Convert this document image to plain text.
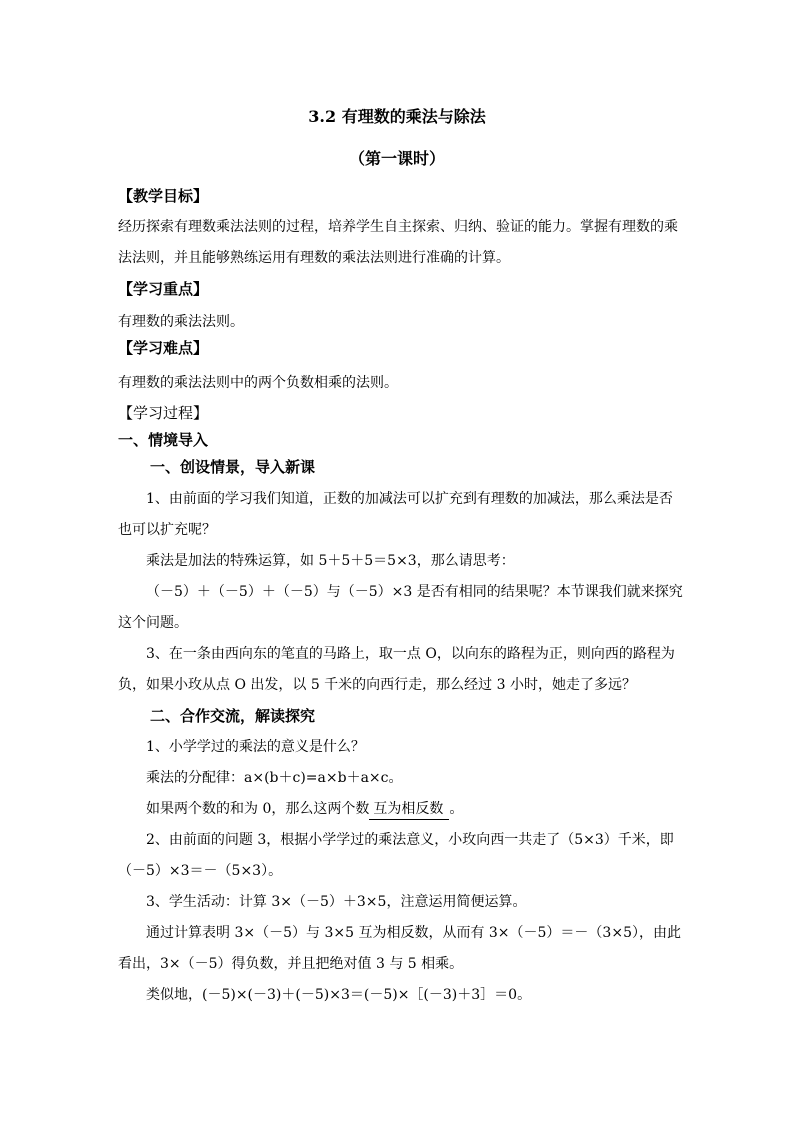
3.2 有理数的乘法与除法
（第一课时）
【教学目标】
经历探索有理数乘法法则的过程，培养学生自主探索、归纳、验证的能力。掌握有理数的乘
法法则，并且能够熟练运用有理数的乘法法则进行准确的计算。
【学习重点】
有理数的乘法法则。
【学习难点】
有理数的乘法法则中的两个负数相乘的法则。
【学习过程】
一、情境导入
一、创设情景，导入新课
1、由前面的学习我们知道，正数的加减法可以扩充到有理数的加减法，那么乘法是否
也可以扩充呢？
乘法是加法的特殊运算，如 5＋5＋5＝5×3，那么请思考：
（－5）＋（－5）＋（－5）与（－5）×3 是否有相同的结果呢？本节课我们就来探究
这个问题。
3、在一条由西向东的笔直的马路上，取一点 O，以向东的路程为正，则向西的路程为
负，如果小玫从点 O 出发，以 5 千米的向西行走，那么经过 3 小时，她走了多远？
二、合作交流，解读探究
1、小学学过的乘法的意义是什么？
乘法的分配律：a×(b＋c)=a×b＋a×c。
如果两个数的和为 0，那么这两个数 互为相反数 。
2、由前面的问题 3，根据小学学过的乘法意义，小玫向西一共走了（5×3）千米，即
（－5）×3＝－（5×3）。
3、学生活动：计算 3×（－5）＋3×5，注意运用简便运算。
通过计算表明 3×（－5）与 3×5 互为相反数，从而有 3×（－5）＝－（3×5），由此
看出，3×（－5）得负数，并且把绝对值 3 与 5 相乘。
类似地，(－5)×(－3)＋(－5)×3＝(－5)×［(－3)＋3］＝0。
